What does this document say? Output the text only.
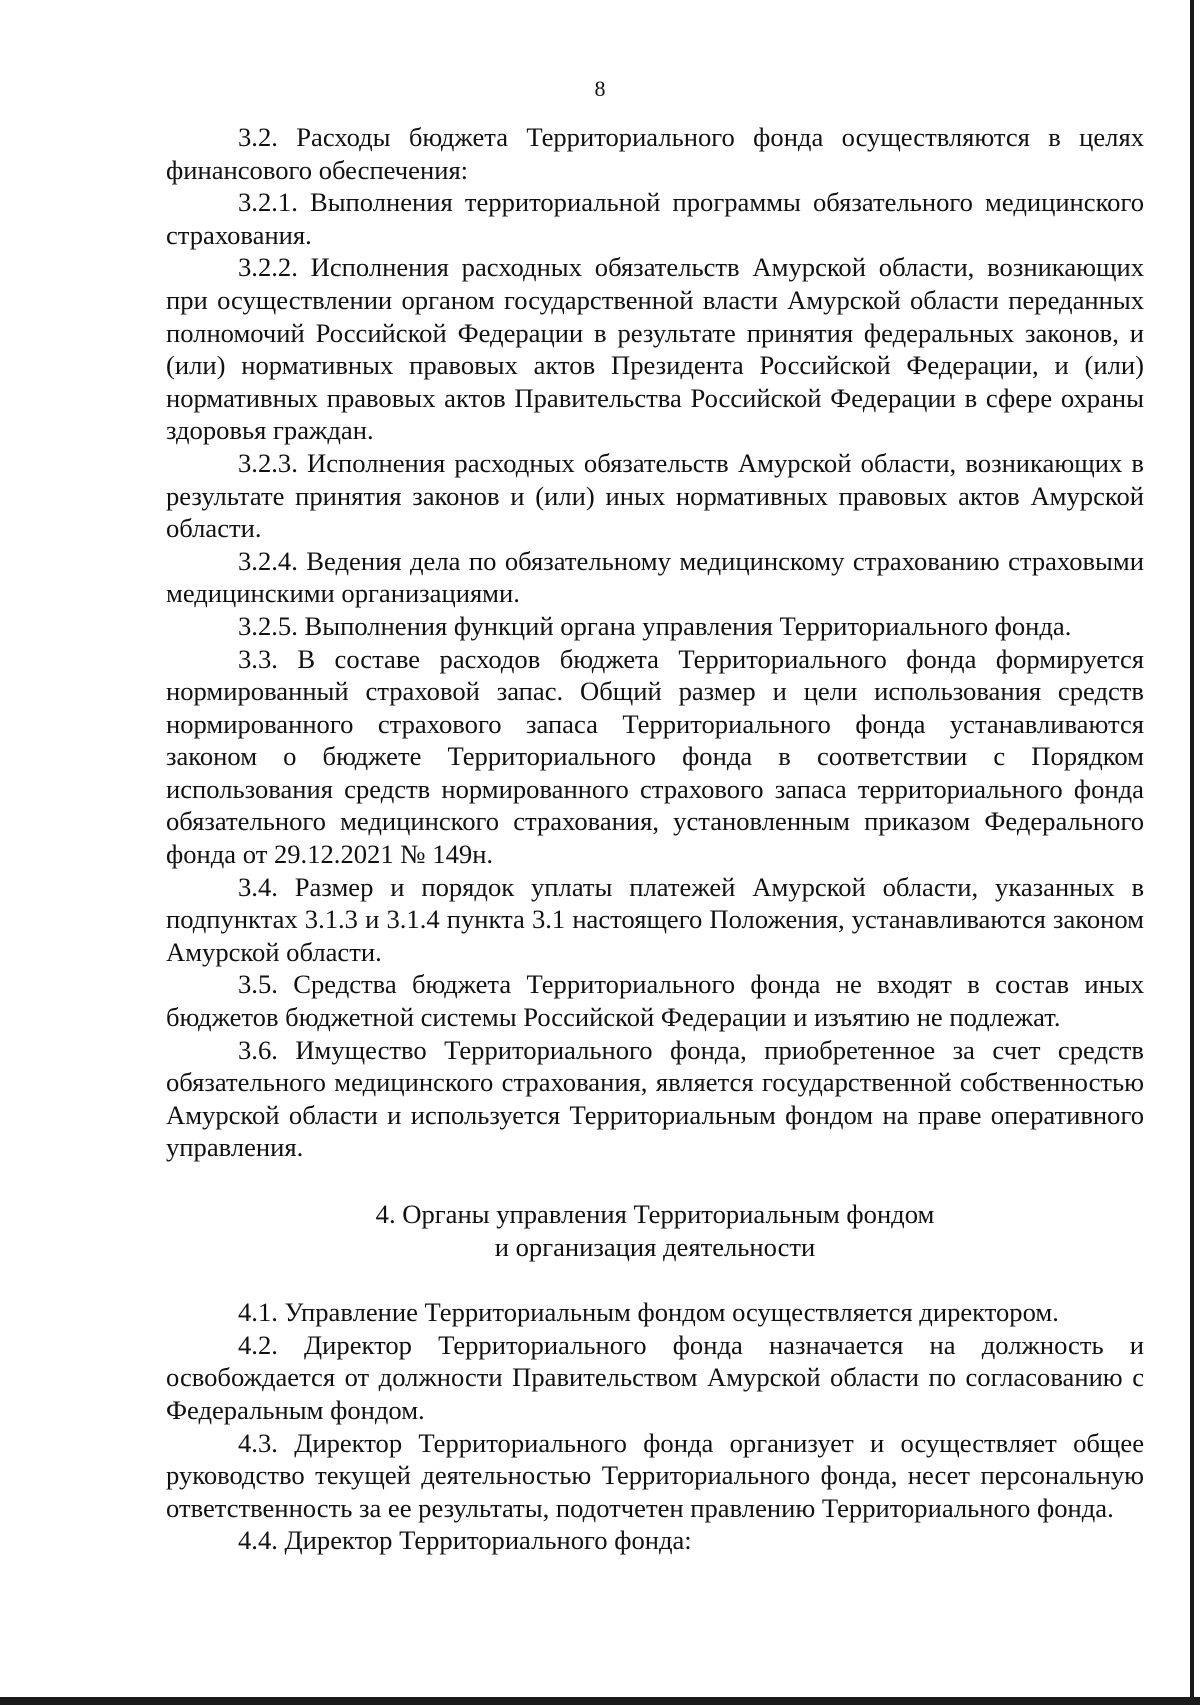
8

3.2. Расходы бюджета Территориального фонда осуществляются в целях финансового обеспечения:

3.2.1. Выполнения территориальной программы обязательного медицинского страхования.

3.2.2. Исполнения расходных обязательств Амурской области, возникающих при осуществлении органом государственной власти Амурской области переданных полномочий Российской Федерации в результате принятия федеральных законов, и (или) нормативных правовых актов Президента Российской Федерации, и (или) нормативных правовых актов Правительства Российской Федерации в сфере охраны здоровья граждан.

3.2.3. Исполнения расходных обязательств Амурской области, возникающих в результате принятия законов и (или) иных нормативных правовых актов Амурской области.

3.2.4. Ведения дела по обязательному медицинскому страхованию страховыми медицинскими организациями.

3.2.5. Выполнения функций органа управления Территориального фонда.

3.3. В составе расходов бюджета Территориального фонда формируется нормированный страховой запас. Общий размер и цели использования средств нормированного страхового запаса Территориального фонда устанавливаются законом о бюджете Территориального фонда в соответствии с Порядком использования средств нормированного страхового запаса территориального фонда обязательного медицинского страхования, установленным приказом Федерального фонда от 29.12.2021 № 149н.

3.4. Размер и порядок уплаты платежей Амурской области, указанных в подпунктах 3.1.3 и 3.1.4 пункта 3.1 настоящего Положения, устанавливаются законом Амурской области.

3.5. Средства бюджета Территориального фонда не входят в состав иных бюджетов бюджетной системы Российской Федерации и изъятию не подлежат.

3.6. Имущество Территориального фонда, приобретенное за счет средств обязательного медицинского страхования, является государственной собственностью Амурской области и используется Территориальным фондом на праве оперативного управления.

4. Органы управления Территориальным фондом
и организация деятельности

4.1. Управление Территориальным фондом осуществляется директором.

4.2. Директор Территориального фонда назначается на должность и освобождается от должности Правительством Амурской области по согласованию с Федеральным фондом.

4.3. Директор Территориального фонда организует и осуществляет общее руководство текущей деятельностью Территориального фонда, несет персональную ответственность за ее результаты, подотчетен правлению Территориального фонда.

4.4. Директор Территориального фонда:
